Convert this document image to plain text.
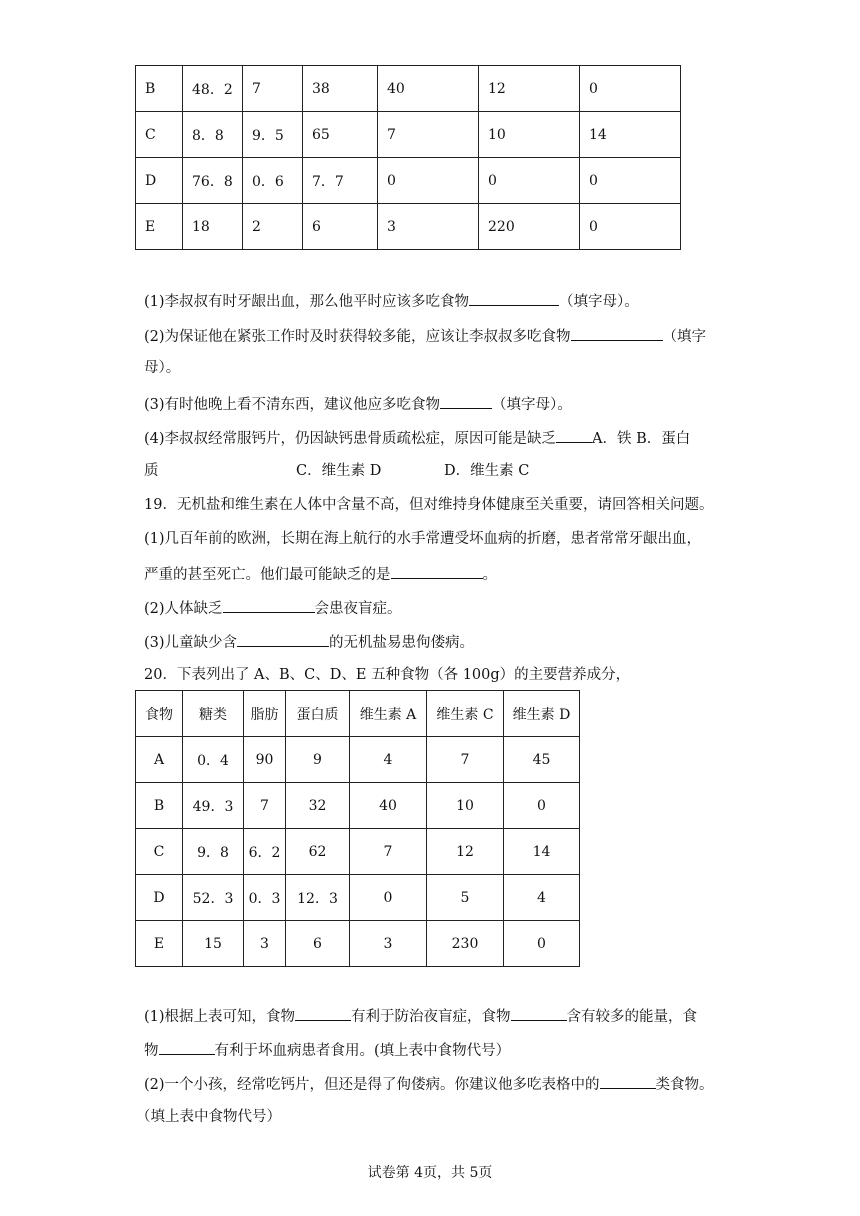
B	48．2	7	38	40	12	0
C	8．8	9．5	65	7	10	14
D	76．8	0．6	7．7	0	0	0
E	18	2	6	3	220	0
(1)李叔叔有时牙龈出血，那么他平时应该多吃食物	（填字母）。
(2)为保证他在紧张工作时及时获得较多能，应该让李叔叔多吃食物	（填字
母）。
(3)有时他晚上看不清东西，建议他应多吃食物	（填字母）。
(4)李叔叔经常服钙片，仍因缺钙患骨质疏松症，原因可能是缺乏 A．铁 B．蛋白
质	C．维生素 D	D．维生素 C
19．无机盐和维生素在人体中含量不高，但对维持身体健康至关重要，请回答相关问题。
(1)几百年前的欧洲，长期在海上航行的水手常遭受坏血病的折磨，患者常常牙龈出血，
严重的甚至死亡。他们最可能缺乏的是	。
(2)人体缺乏	会患夜盲症。
(3)儿童缺少含	的无机盐易患佝偻病。
20．下表列出了 A、B、C、D、E 五种食物（各 100g）的主要营养成分，
食物	糖类	脂肪	蛋白质	维生素 A	维生素 C	维生素 D
A	0．4	90	9	4	7	45
B	49．3	7	32	40	10	0
C	9．8	6．2	62	7	12	14
D	52．3	0．3	12．3	0	5	4
E	15	3	6	3	230	0
(1)根据上表可知，食物	有利于防治夜盲症，食物	含有较多的能量，食
物	有利于坏血病患者食用。(填上表中食物代号）
(2)一个小孩，经常吃钙片，但还是得了佝偻病。你建议他多吃表格中的	类食物。
（填上表中食物代号）
试卷第 4页，共 5页
